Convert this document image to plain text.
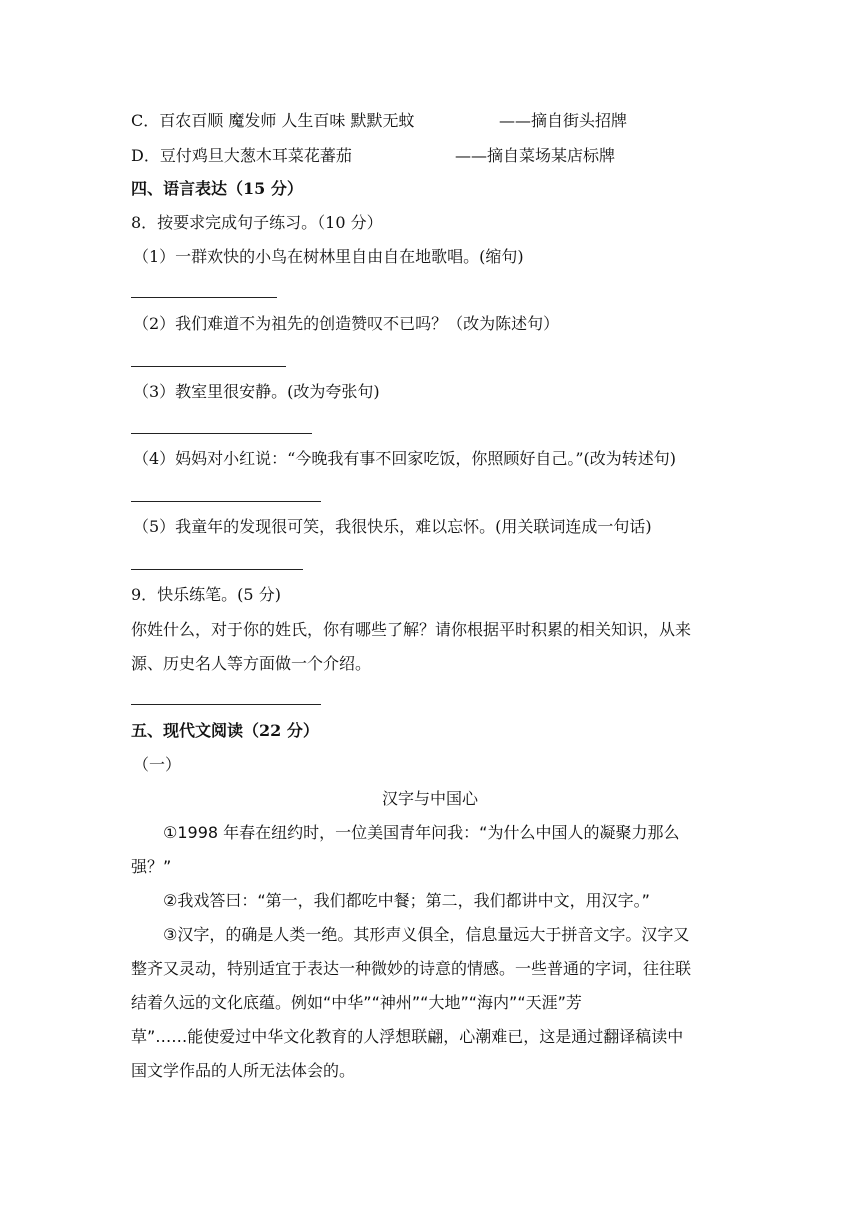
C．百农百顺 魔发师 人生百味 默默无蚊	——摘自街头招牌
D．豆付鸡旦大葱木耳菜花蕃茄	——摘自菜场某店标牌
四、语言表达（15 分）
8．按要求完成句子练习。（10 分）
（1）一群欢快的小鸟在树林里自由自在地歌唱。(缩句)
（2）我们难道不为祖先的创造赞叹不已吗？（改为陈述句）
（3）教室里很安静。(改为夸张句)
（4）妈妈对小红说：“今晚我有事不回家吃饭，你照顾好自己。”(改为转述句)
（5）我童年的发现很可笑，我很快乐，难以忘怀。(用关联词连成一句话)
9．快乐练笔。(5 分)
你姓什么，对于你的姓氏，你有哪些了解？请你根据平时积累的相关知识，从来
源、历史名人等方面做一个介绍。
五、现代文阅读（22 分）
（一）
汉字与中国心
①1998 年春在纽约时，一位美国青年问我：“为什么中国人的凝聚力那么
强？”
②我戏答曰：“第一，我们都吃中餐；第二，我们都讲中文，用汉字。”
③汉字，的确是人类一绝。其形声义俱全，信息量远大于拼音文字。汉字又
整齐又灵动，特别适宜于表达一种微妙的诗意的情感。一些普通的字词，往往联
结着久远的文化底蕴。例如“中华”“神州”“大地”“海内”“天涯”芳
草”……能使爱过中华文化教育的人浮想联翩，心潮难已，这是通过翻译稿读中
国文学作品的人所无法体会的。
